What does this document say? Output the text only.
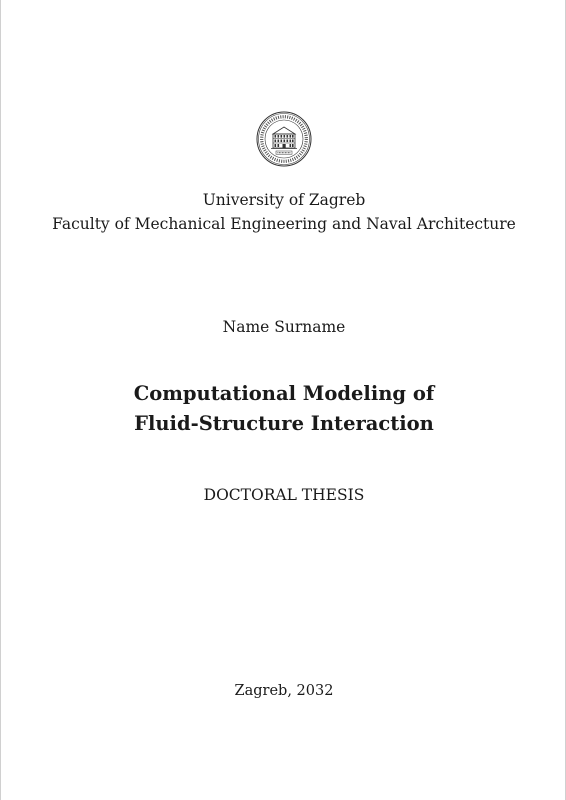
University of Zagreb
Faculty of Mechanical Engineering and Naval Architecture
Name Surname
Computational Modeling of
Fluid-Structure Interaction
DOCTORAL THESIS
Zagreb, 2032
